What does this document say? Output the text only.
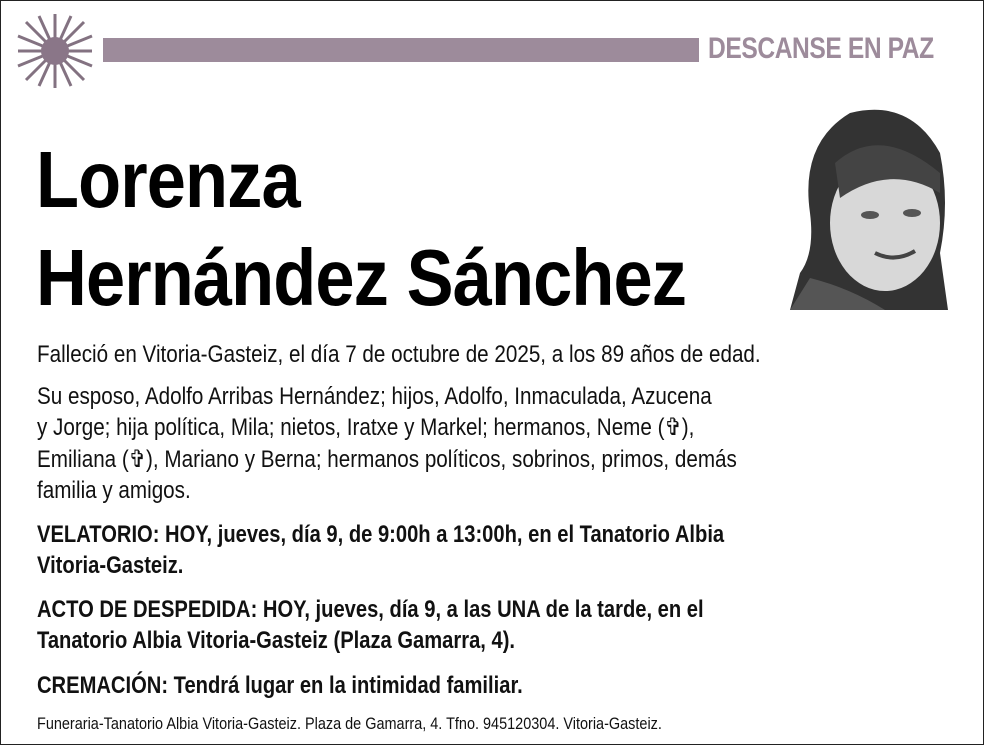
DESCANSE EN PAZ
Lorenza
Hernández Sánchez
Falleció en Vitoria-Gasteiz, el día 7 de octubre de 2025, a los 89 años de edad.
Su esposo, Adolfo Arribas Hernández; hijos, Adolfo, Inmaculada, Azucena
y Jorge; hija política, Mila; nietos, Iratxe y Markel; hermanos, Neme (✞),
Emiliana (✞), Mariano y Berna; hermanos políticos, sobrinos, primos, demás
familia y amigos.
VELATORIO: HOY, jueves, día 9, de 9:00h a 13:00h, en el Tanatorio Albia
Vitoria-Gasteiz.
ACTO DE DESPEDIDA: HOY, jueves, día 9, a las UNA de la tarde, en el
Tanatorio Albia Vitoria-Gasteiz (Plaza Gamarra, 4).
CREMACIÓN: Tendrá lugar en la intimidad familiar.
Funeraria-Tanatorio Albia Vitoria-Gasteiz. Plaza de Gamarra, 4. Tfno. 945120304. Vitoria-Gasteiz.
